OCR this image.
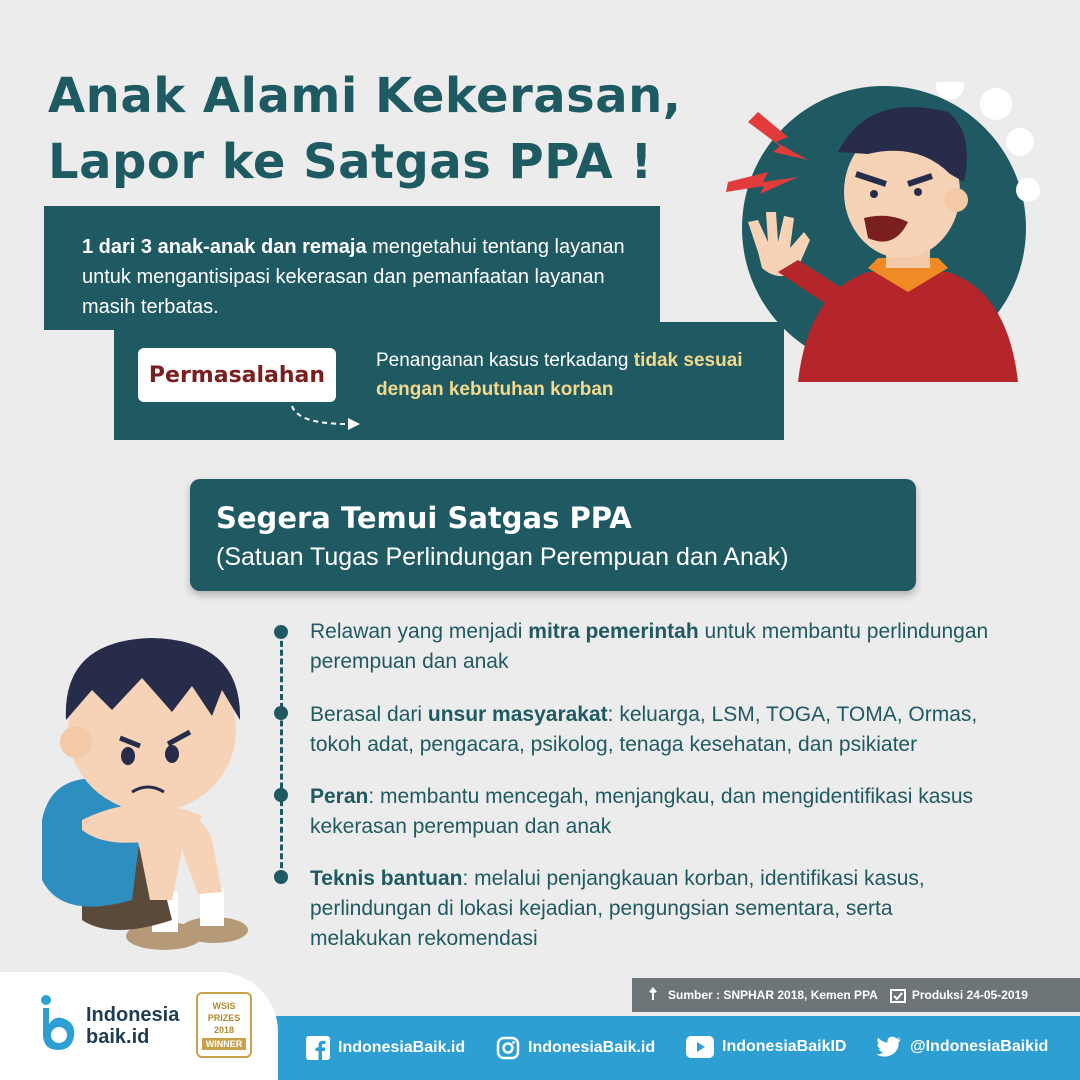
Anak Alami Kekerasan,
Lapor ke Satgas PPA !

1 dari 3 anak-anak dan remaja mengetahui tentang layanan untuk mengantisipasi kekerasan dan pemanfaatan layanan masih terbatas.

Permasalahan

Penanganan kasus terkadang tidak sesuai dengan kebutuhan korban

Segera Temui Satgas PPA

(Satuan Tugas Perlindungan Perempuan dan Anak)

Relawan yang menjadi mitra pemerintah untuk membantu perlindungan perempuan dan anak

Berasal dari unsur masyarakat: keluarga, LSM, TOGA, TOMA, Ormas, tokoh adat, pengacara, psikolog, tenaga kesehatan, dan psikiater

Peran: membantu mencegah, menjangkau, dan mengidentifikasi kasus kekerasan perempuan dan anak

Teknis bantuan: melalui penjangkauan korban, identifikasi kasus, perlindungan di lokasi kejadian, pengungsian sementara, serta melakukan rekomendasi

Sumber : SNPHAR 2018, Kemen PPA	Produksi 24-05-2019
Indonesia
baik.id
WSIS
PRIZES
2018
WINNER	IndonesiaBaik.id	IndonesiaBaik.id	IndonesiaBaikID	@IndonesiaBaikid
